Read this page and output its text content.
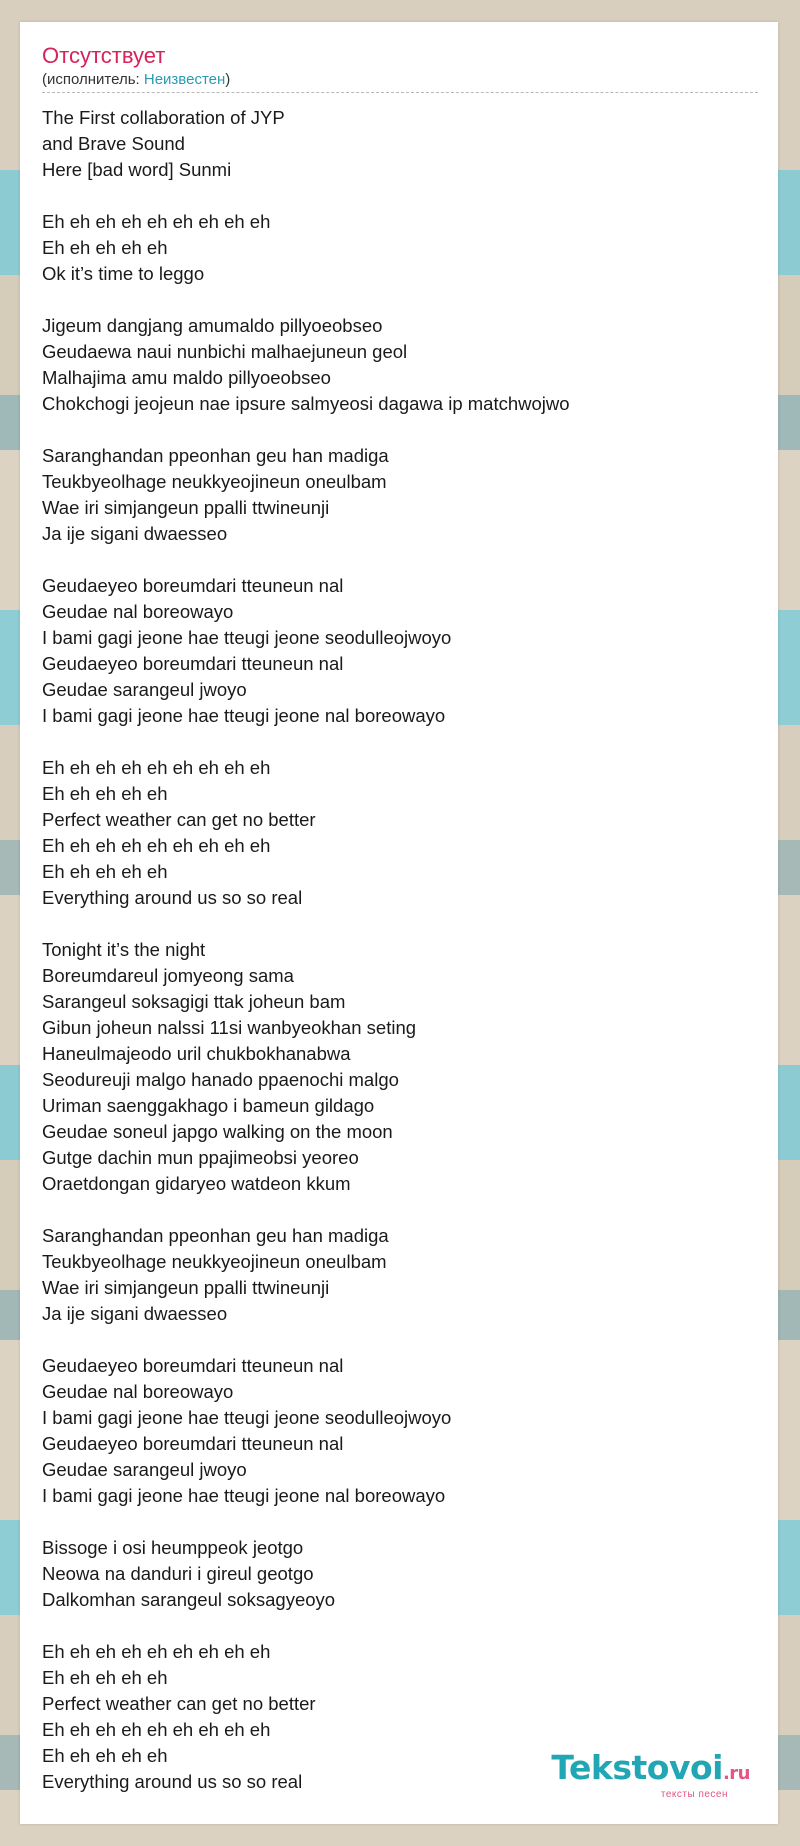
Отсутствует
(исполнитель: Неизвестен)
The First collaboration of JYP
and Brave Sound
Here [bad word] Sunmi
Eh eh eh eh eh eh eh eh eh
Eh eh eh eh eh
Ok it’s time to leggo
Jigeum dangjang amumaldo pillyoeobseo
Geudaewa naui nunbichi malhaejuneun geol
Malhajima amu maldo pillyoeobseo
Chokchogi jeojeun nae ipsure salmyeosi dagawa ip matchwojwo
Saranghandan ppeonhan geu han madiga
Teukbyeolhage neukkyeojineun oneulbam
Wae iri simjangeun ppalli ttwineunji
Ja ije sigani dwaesseo
Geudaeyeo boreumdari tteuneun nal
Geudae nal boreowayo
I bami gagi jeone hae tteugi jeone seodulleojwoyo
Geudaeyeo boreumdari tteuneun nal
Geudae sarangeul jwoyo
I bami gagi jeone hae tteugi jeone nal boreowayo
Eh eh eh eh eh eh eh eh eh
Eh eh eh eh eh
Perfect weather can get no better
Eh eh eh eh eh eh eh eh eh
Eh eh eh eh eh
Everything around us so so real
Tonight it’s the night
Boreumdareul jomyeong sama
Sarangeul soksagigi ttak joheun bam
Gibun joheun nalssi 11si wanbyeokhan seting
Haneulmajeodo uril chukbokhanabwa
Seodureuji malgo hanado ppaenochi malgo
Uriman saenggakhago i bameun gildago
Geudae soneul japgo walking on the moon
Gutge dachin mun ppajimeobsi yeoreo
Oraetdongan gidaryeo watdeon kkum
Saranghandan ppeonhan geu han madiga
Teukbyeolhage neukkyeojineun oneulbam
Wae iri simjangeun ppalli ttwineunji
Ja ije sigani dwaesseo
Geudaeyeo boreumdari tteuneun nal
Geudae nal boreowayo
I bami gagi jeone hae tteugi jeone seodulleojwoyo
Geudaeyeo boreumdari tteuneun nal
Geudae sarangeul jwoyo
I bami gagi jeone hae tteugi jeone nal boreowayo
Bissoge i osi heumppeok jeotgo
Neowa na danduri i gireul geotgo
Dalkomhan sarangeul soksagyeoyo
Eh eh eh eh eh eh eh eh eh
Eh eh eh eh eh
Perfect weather can get no better
Eh eh eh eh eh eh eh eh eh
Eh eh eh eh eh
Everything around us so so real	Tekstovoi.ru
тексты песен
